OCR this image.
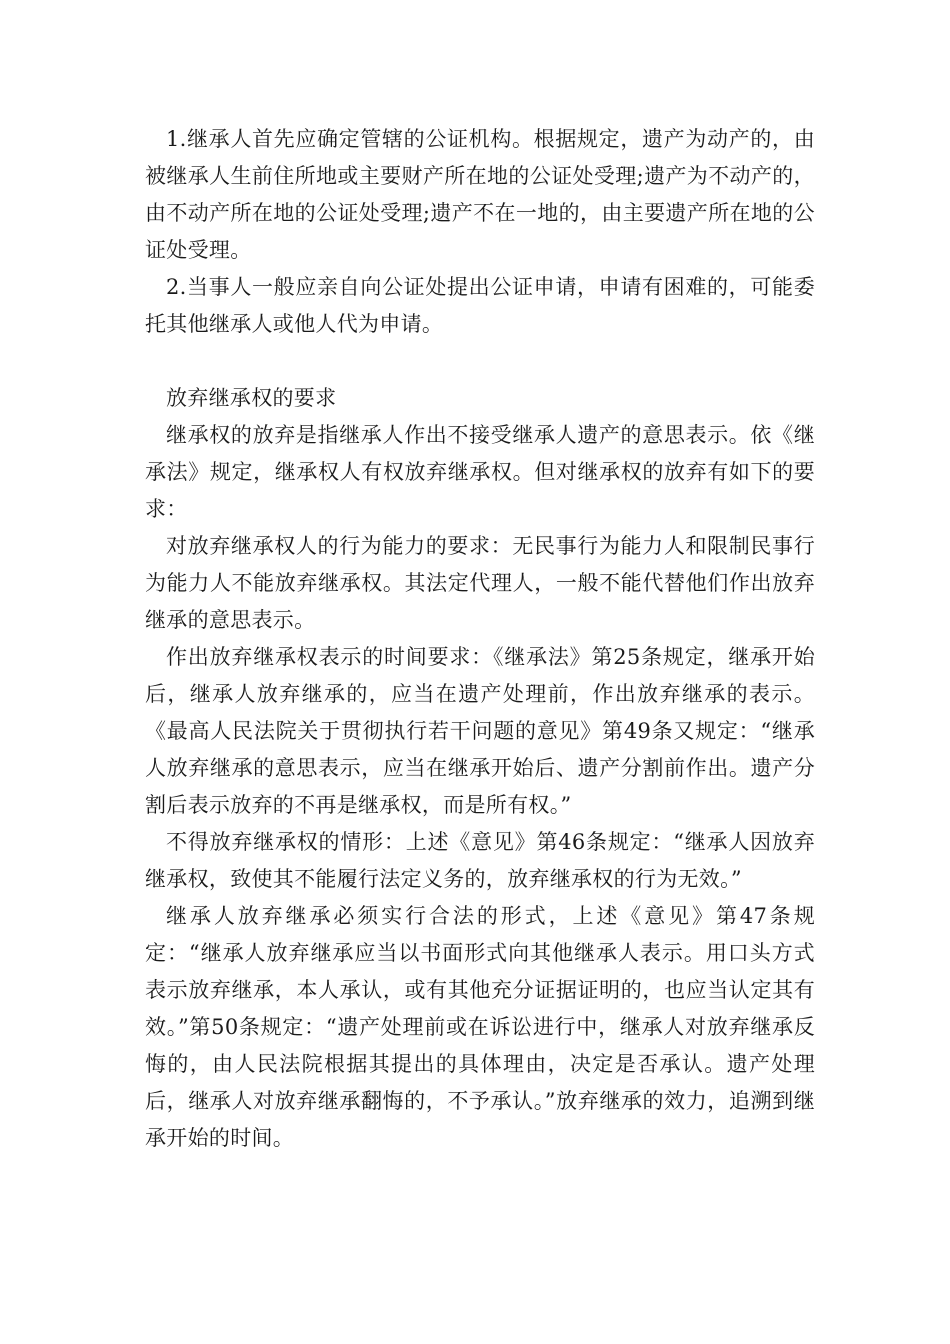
1.继承人首先应确定管辖的公证机构。根据规定，遗产为动产的，由被继承人生前住所地或主要财产所在地的公证处受理;遗产为不动产的，由不动产所在地的公证处受理;遗产不在一地的，由主要遗产所在地的公证处受理。

2.当事人一般应亲自向公证处提出公证申请，申请有困难的，可能委托其他继承人或他人代为申请。

放弃继承权的要求

继承权的放弃是指继承人作出不接受继承人遗产的意思表示。依《继承法》规定，继承权人有权放弃继承权。但对继承权的放弃有如下的要求：

对放弃继承权人的行为能力的要求：无民事行为能力人和限制民事行为能力人不能放弃继承权。其法定代理人，一般不能代替他们作出放弃继承的意思表示。

作出放弃继承权表示的时间要求：《继承法》第25条规定，继承开始后，继承人放弃继承的，应当在遗产处理前，作出放弃继承的表示。《最高人民法院关于贯彻执行若干问题的意见》第49条又规定：“继承人放弃继承的意思表示，应当在继承开始后、遗产分割前作出。遗产分割后表示放弃的不再是继承权，而是所有权。”

不得放弃继承权的情形：上述《意见》第46条规定：“继承人因放弃继承权，致使其不能履行法定义务的，放弃继承权的行为无效。”

继承人放弃继承必须实行合法的形式，上述《意见》第47条规定：“继承人放弃继承应当以书面形式向其他继承人表示。用口头方式表示放弃继承，本人承认，或有其他充分证据证明的，也应当认定其有效。”第50条规定：“遗产处理前或在诉讼进行中，继承人对放弃继承反悔的，由人民法院根据其提出的具体理由，决定是否承认。遗产处理后，继承人对放弃继承翻悔的，不予承认。”放弃继承的效力，追溯到继承开始的时间。
